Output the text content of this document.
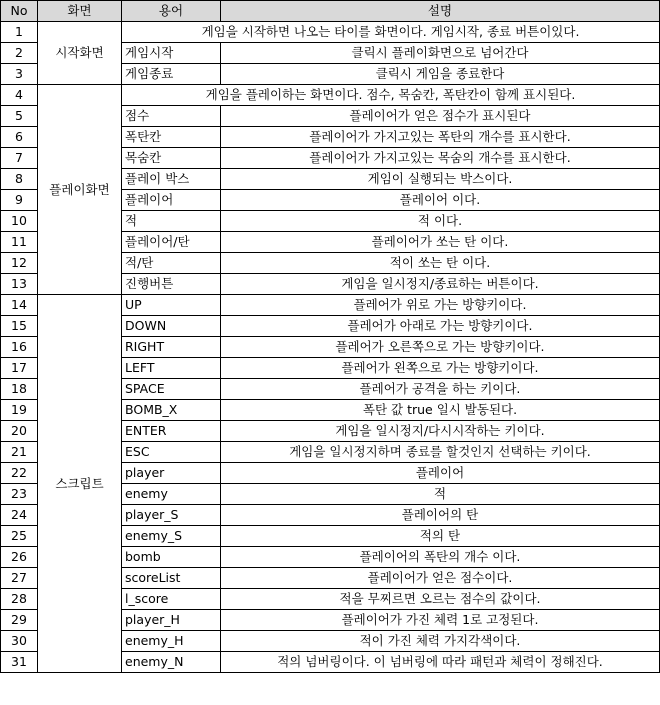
No	화면	용어	설명
1	시작화면	게임을 시작하면 나오는 타이를 화면이다. 게임시작, 종료 버튼이있다.	
2		게임시작	클릭시 플레이화면으로 넘어간다
3		게임종료	클릭시 게임을 종료한다
4	플레이화면	게임을 플레이하는 화면이다. 점수, 목숨칸, 폭탄칸이 함께 표시된다.	
5		점수	플레이어가 얻은 점수가 표시된다
6		폭탄칸	플레이어가 가지고있는 폭탄의 개수를 표시한다.
7		목숨칸	플레이어가 가지고있는 목숨의 개수를 표시한다.
8		플레이 박스	게임이 실행되는 박스이다.
9		플레이어	플레이어 이다.
10		적	적 이다.
11		플레이어/탄	플레이어가 쏘는 탄 이다.
12		적/탄	적이 쏘는 탄 이다.
13		진행버튼	게임을 일시정지/종료하는 버튼이다.
14	스크립트	UP	플레어가 위로 가는 방향키이다.
15		DOWN	플레어가 아래로 가는 방향키이다.
16		RIGHT	플레어가 오른쪽으로 가는 방향키이다.
17		LEFT	플레어가 왼쪽으로 가는 방향키이다.
18		SPACE	플레어가 공격을 하는 키이다.
19		BOMB_X	폭탄 값 true 일시 발동된다.
20		ENTER	게임을 일시정지/다시시작하는 키이다.
21		ESC	게임을 일시정지하며 종료를 할것인지 선택하는 키이다.
22		player	플레이어
23		enemy	적
24		player_S	플레이어의 탄
25		enemy_S	적의 탄
26		bomb	플레이어의 폭탄의 개수 이다.
27		scoreList	플레이어가 얻은 점수이다.
28		l_score	적을 무찌르면 오르는 점수의 값이다.
29		player_H	플레이어가 가진 체력 1로 고정된다.
30		enemy_H	적이 가진 체력 가지각색이다.
31		enemy_N	적의 넘버링이다. 이 넘버링에 따라 패턴과 체력이 정해진다.
